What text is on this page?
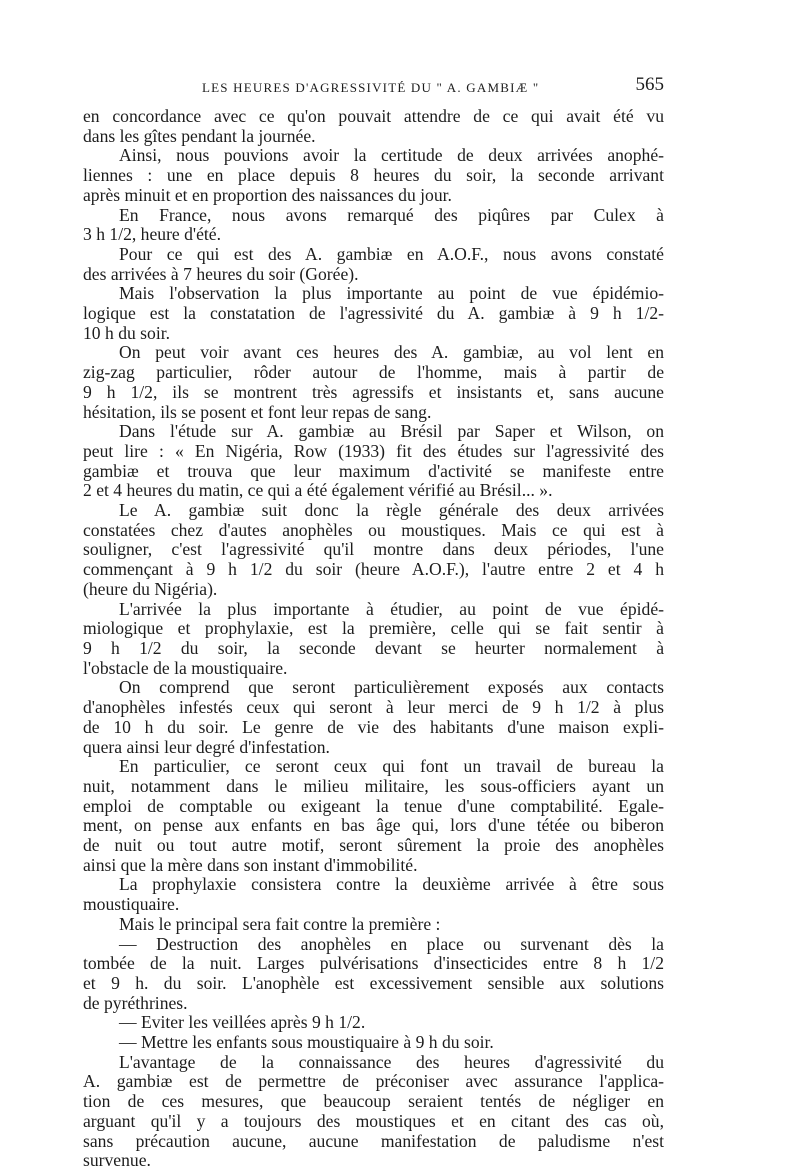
LES HEURES D'AGRESSIVITÉ DU " A. GAMBIÆ "	565

en concordance avec ce qu'on pouvait attendre de ce qui avait été vu
dans les gîtes pendant la journée.

Ainsi, nous pouvions avoir la certitude de deux arrivées anophé-
liennes : une en place depuis 8 heures du soir, la seconde arrivant
après minuit et en proportion des naissances du jour.

En France, nous avons remarqué des piqûres par Culex à
3 h 1/2, heure d'été.

Pour ce qui est des A. gambiæ en A.O.F., nous avons constaté
des arrivées à 7 heures du soir (Gorée).

Mais l'observation la plus importante au point de vue épidémio-
logique est la constatation de l'agressivité du A. gambiæ à 9 h 1/2-
10 h du soir.

On peut voir avant ces heures des A. gambiæ, au vol lent en
zig-zag particulier, rôder autour de l'homme, mais à partir de
9 h 1/2, ils se montrent très agressifs et insistants et, sans aucune
hésitation, ils se posent et font leur repas de sang.

Dans l'étude sur A. gambiæ au Brésil par Saper et Wilson, on
peut lire : « En Nigéria, Row (1933) fit des études sur l'agressivité des
gambiæ et trouva que leur maximum d'activité se manifeste entre
2 et 4 heures du matin, ce qui a été également vérifié au Brésil... ».

Le A. gambiæ suit donc la règle générale des deux arrivées
constatées chez d'autes anophèles ou moustiques. Mais ce qui est à
souligner, c'est l'agressivité qu'il montre dans deux périodes, l'une
commençant à 9 h 1/2 du soir (heure A.O.F.), l'autre entre 2 et 4 h
(heure du Nigéria).

L'arrivée la plus importante à étudier, au point de vue épidé-
miologique et prophylaxie, est la première, celle qui se fait sentir à
9 h 1/2 du soir, la seconde devant se heurter normalement à
l'obstacle de la moustiquaire.

On comprend que seront particulièrement exposés aux contacts
d'anophèles infestés ceux qui seront à leur merci de 9 h 1/2 à plus
de 10 h du soir. Le genre de vie des habitants d'une maison expli-
quera ainsi leur degré d'infestation.

En particulier, ce seront ceux qui font un travail de bureau la
nuit, notamment dans le milieu militaire, les sous-officiers ayant un
emploi de comptable ou exigeant la tenue d'une comptabilité. Egale-
ment, on pense aux enfants en bas âge qui, lors d'une tétée ou biberon
de nuit ou tout autre motif, seront sûrement la proie des anophèles
ainsi que la mère dans son instant d'immobilité.

La prophylaxie consistera contre la deuxième arrivée à être sous
moustiquaire.

Mais le principal sera fait contre la première :

— Destruction des anophèles en place ou survenant dès la
tombée de la nuit. Larges pulvérisations d'insecticides entre 8 h 1/2
et 9 h. du soir. L'anophèle est excessivement sensible aux solutions
de pyréthrines.

— Eviter les veillées après 9 h 1/2.

— Mettre les enfants sous moustiquaire à 9 h du soir.

L'avantage de la connaissance des heures d'agressivité du
A. gambiæ est de permettre de préconiser avec assurance l'applica-
tion de ces mesures, que beaucoup seraient tentés de négliger en
arguant qu'il y a toujours des moustiques et en citant des cas où,
sans précaution aucune, aucune manifestation de paludisme n'est
survenue.
